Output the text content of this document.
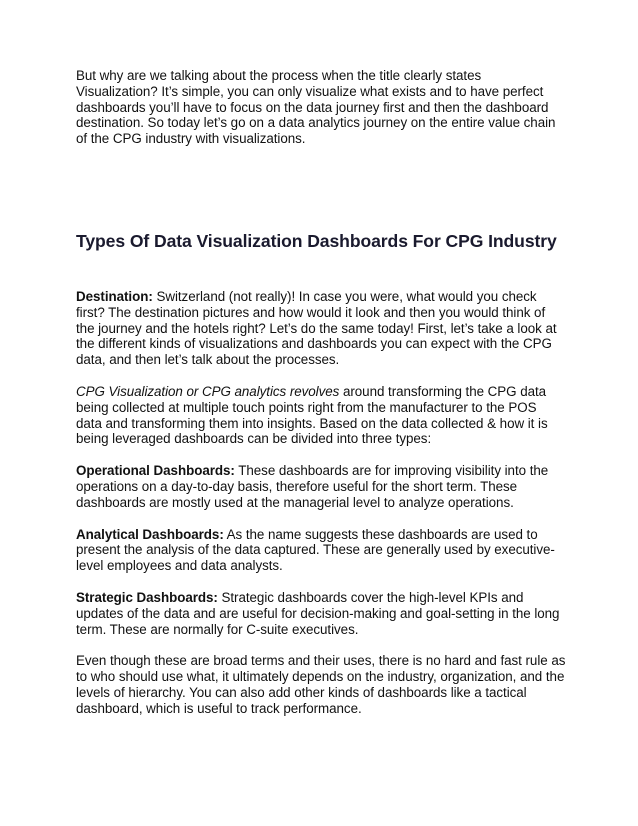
But why are we talking about the process when the title clearly states Visualization? It’s simple, you can only visualize what exists and to have perfect dashboards you’ll have to focus on the data journey first and then the dashboard destination. So today let’s go on a data analytics journey on the entire value chain of the CPG industry with visualizations.

Types Of Data Visualization Dashboards For CPG Industry

Destination: Switzerland (not really)! In case you were, what would you check first? The destination pictures and how would it look and then you would think of the journey and the hotels right? Let’s do the same today! First, let’s take a look at the different kinds of visualizations and dashboards you can expect with the CPG data, and then let’s talk about the processes.

CPG Visualization or CPG analytics revolves around transforming the CPG data being collected at multiple touch points right from the manufacturer to the POS data and transforming them into insights. Based on the data collected & how it is being leveraged dashboards can be divided into three types:

Operational Dashboards: These dashboards are for improving visibility into the operations on a day-to-day basis, therefore useful for the short term. These dashboards are mostly used at the managerial level to analyze operations.

Analytical Dashboards: As the name suggests these dashboards are used to present the analysis of the data captured. These are generally used by executive-level employees and data analysts.

Strategic Dashboards: Strategic dashboards cover the high-level KPIs and updates of the data and are useful for decision-making and goal-setting in the long term. These are normally for C-suite executives.

Even though these are broad terms and their uses, there is no hard and fast rule as to who should use what, it ultimately depends on the industry, organization, and the levels of hierarchy. You can also add other kinds of dashboards like a tactical dashboard, which is useful to track performance.
